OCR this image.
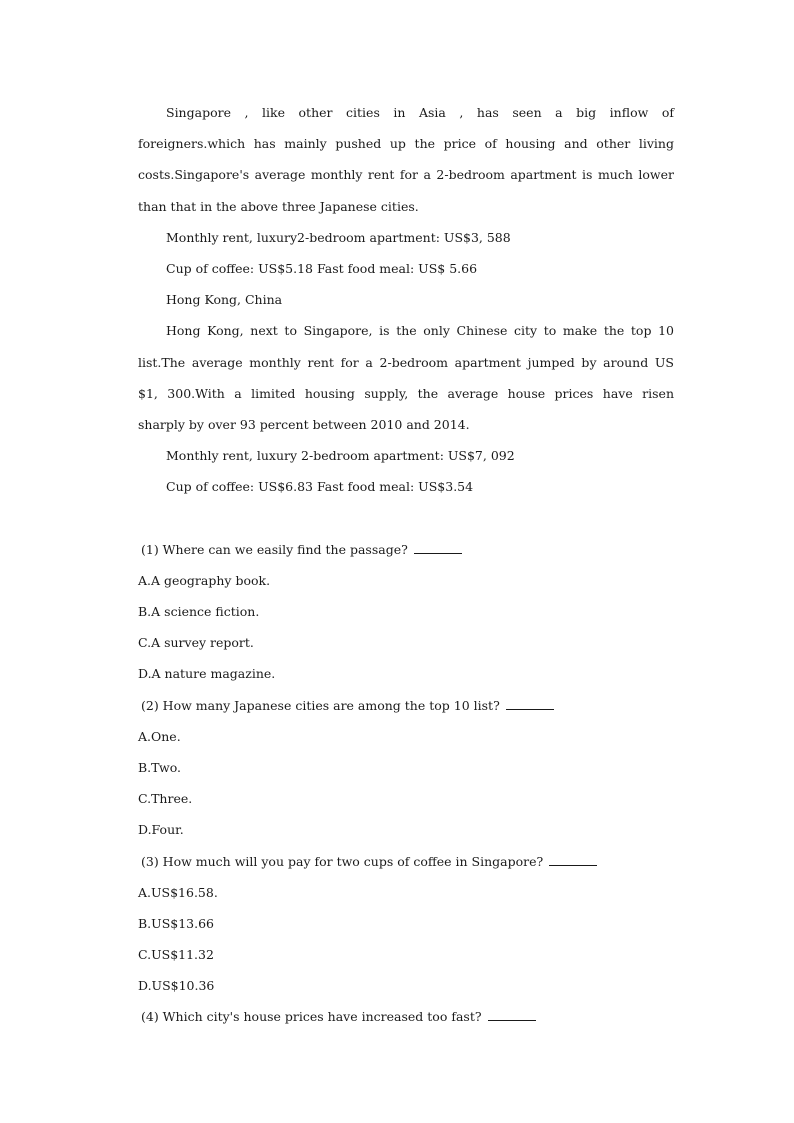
Singapore , like other cities in Asia , has seen a big inflow of
foreigners.which has mainly pushed up the price of housing and other living
costs.Singapore's average monthly rent for a 2-bedroom apartment is much lower
than that in the above three Japanese cities.
Monthly rent, luxury2-bedroom apartment: US$3, 588
Cup of coffee: US$5.18 Fast food meal: US$ 5.66
Hong Kong, China
Hong Kong, next to Singapore, is the only Chinese city to make the top 10
list.The average monthly rent for a 2-bedroom apartment jumped by around US
$1, 300.With a limited housing supply, the average house prices have risen
sharply by over 93 percent between 2010 and 2014.
Monthly rent, luxury 2-bedroom apartment: US$7, 092
Cup of coffee: US$6.83 Fast food meal: US$3.54
(1) Where can we easily find the passage?
A.A geography book.
B.A science fiction.
C.A survey report.
D.A nature magazine.
(2) How many Japanese cities are among the top 10 list?
A.One.
B.Two.
C.Three.
D.Four.
(3) How much will you pay for two cups of coffee in Singapore?
A.US$16.58.
B.US$13.66
C.US$11.32
D.US$10.36
(4) Which city's house prices have increased too fast?
